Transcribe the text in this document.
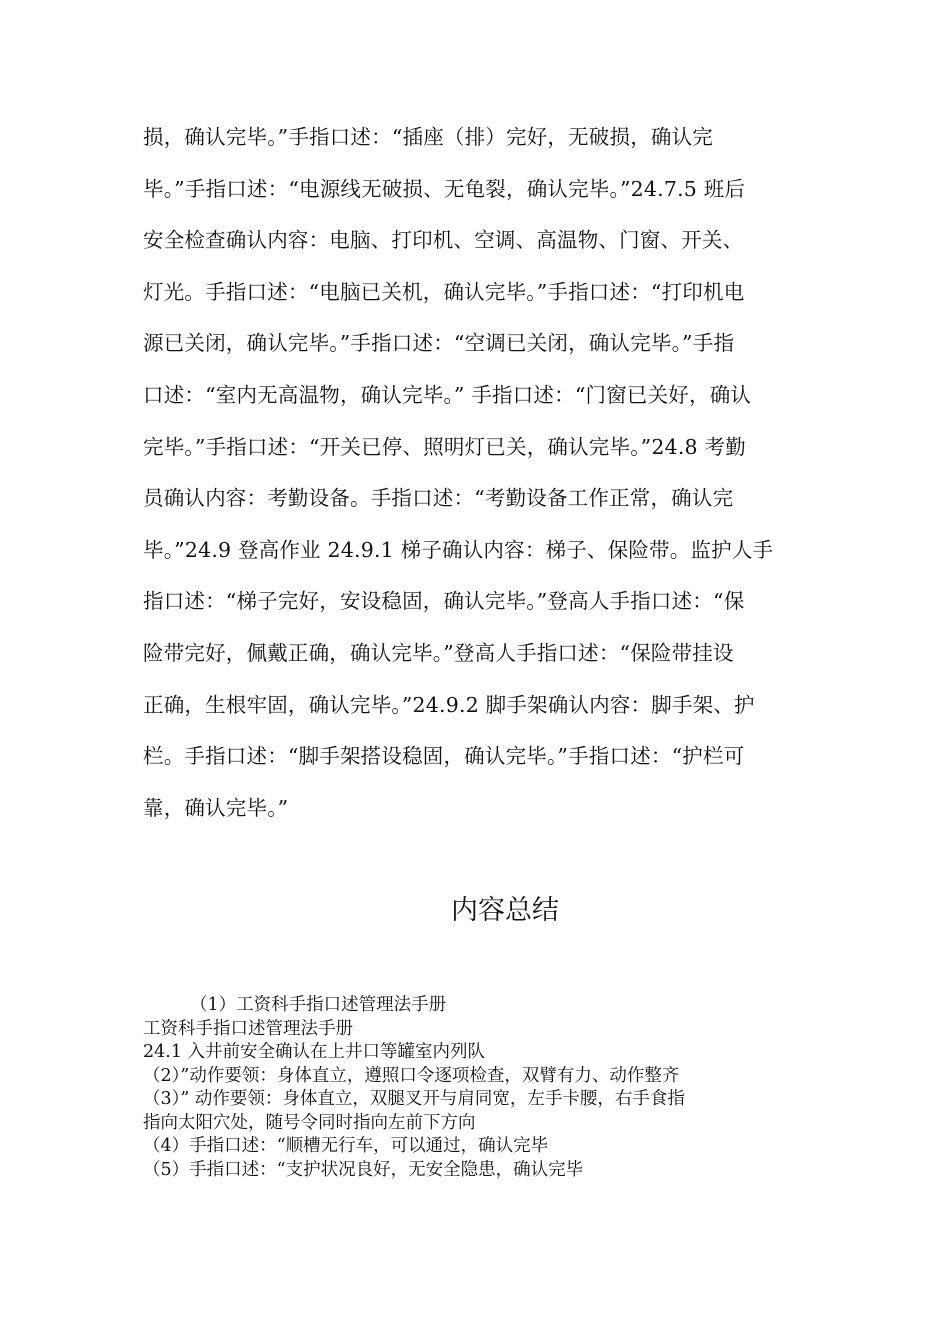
损，确认完毕。”手指口述：“插座（排）完好，无破损，确认完
毕。”手指口述：“电源线无破损、无龟裂，确认完毕。”24.7.5 班后
安全检查确认内容：电脑、打印机、空调、高温物、门窗、开关、
灯光。手指口述：“电脑已关机，确认完毕。”手指口述：“打印机电
源已关闭，确认完毕。”手指口述：“空调已关闭，确认完毕。”手指
口述：“室内无高温物，确认完毕。” 手指口述：“门窗已关好，确认
完毕。”手指口述：“开关已停、照明灯已关，确认完毕。”24.8 考勤
员确认内容：考勤设备。手指口述：“考勤设备工作正常，确认完
毕。”24.9 登高作业 24.9.1 梯子确认内容：梯子、保险带。监护人手
指口述：“梯子完好，安设稳固，确认完毕。”登高人手指口述：“保
险带完好，佩戴正确，确认完毕。”登高人手指口述：“保险带挂设
正确，生根牢固，确认完毕。”24.9.2 脚手架确认内容：脚手架、护
栏。手指口述：“脚手架搭设稳固，确认完毕。”手指口述：“护栏可
靠，确认完毕。”
内容总结
（1）工资科手指口述管理法手册
工资科手指口述管理法手册
24.1 入井前安全确认在上井口等罐室内列队
（2）”动作要领：身体直立，遵照口令逐项检查，双臂有力、动作整齐
（3）” 动作要领：身体直立，双腿叉开与肩同宽，左手卡腰，右手食指
指向太阳穴处，随号令同时指向左前下方向
（4）手指口述：“顺槽无行车，可以通过，确认完毕
（5）手指口述：“支护状况良好，无安全隐患，确认完毕
